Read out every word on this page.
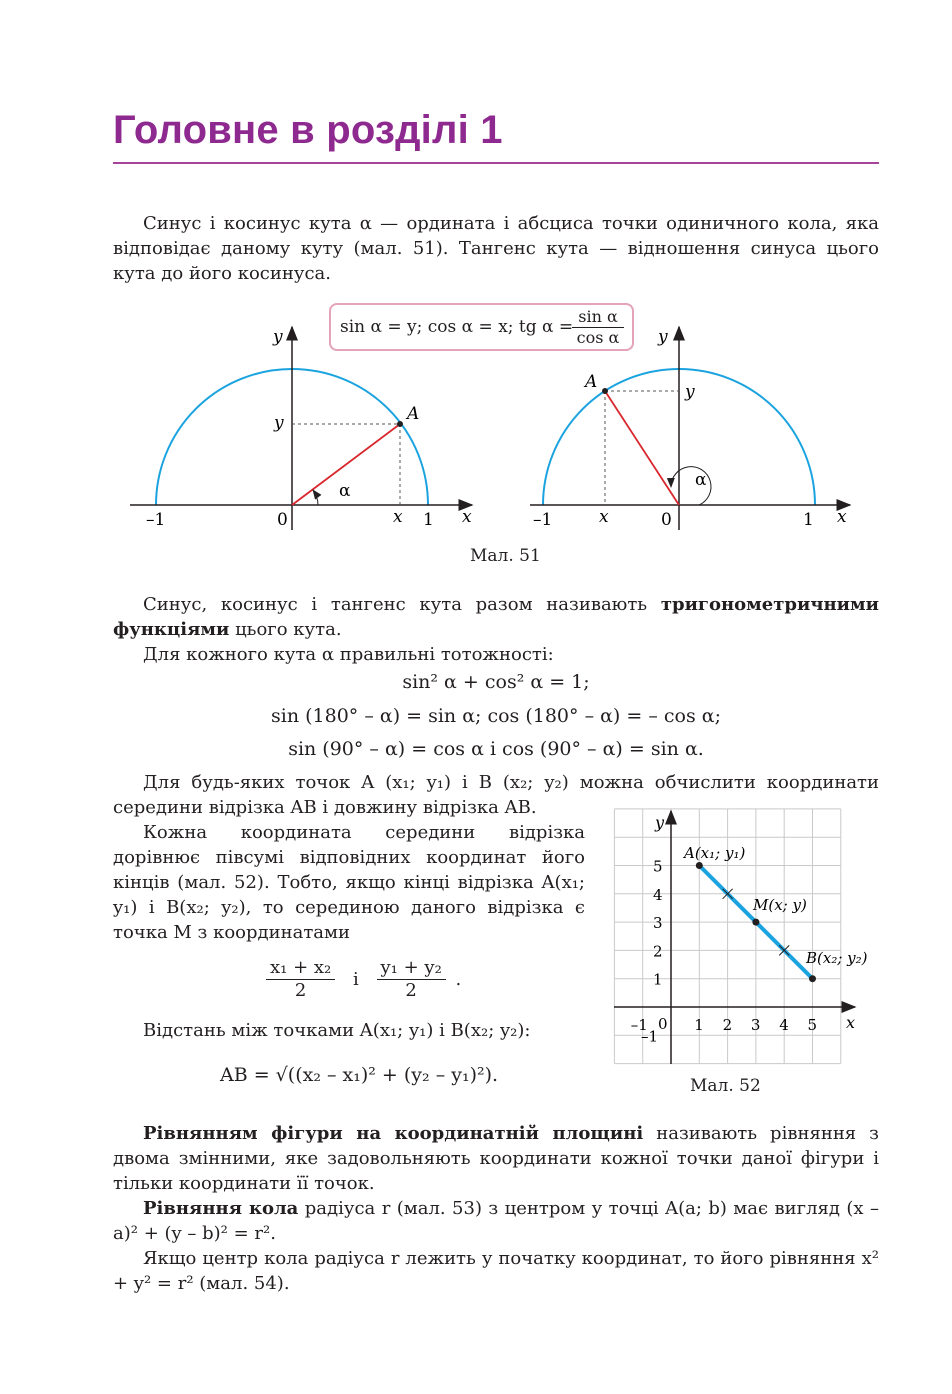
Головне в розділі 1

Синус і косинус кута α — ордината і абсциса точки одиничного кола, яка відповідає даному куту (мал. 51). Тангенс кута — відношення синуса цього кута до його косинуса.

sin α = y; cos α = x; tg α =
$\frac{\text{sin α}}{\text{cos α}}$
y
x
y
x
A
α
–1	0	1
y
x
y
x
A
α
–1	0	1
Мал. 51

Синус, косинус і тангенс кута разом називають тригонометричними функціями цього кута.

Для кожного кута α правильні тотожності:

sin² α + cos² α = 1;
sin (180° – α) = sin α; cos (180° – α) = – cos α;
sin (90° – α) = cos α і cos (90° – α) = sin α.

Для будь-яких точок A (x₁; y₁) і B (x₂; y₂) можна обчислити координати середини відрізка AB і довжину відрізка AB.

Кожна координата середини відрізка дорівнює півсумі відповідних координат його кінців (мал. 52). Тобто, якщо кінці відрізка A(x₁; y₁) і B(x₂; y₂), то серединою даного відрізка є точка M з координатами

$\frac{\text{x₁ + x₂}}{2}$ і $\frac{\text{y₁ + y₂}}{2}$ .

Відстань між точками A(x₁; y₁) і B(x₂; y₂):

AB = √((x₂ – x₁)² + (y₂ – y₁)²).
–1	1 2 3 4 5
1
2
3
4
5
–1
y
x
0
A(x₁; y₁)
M(x; y)
B(x₂; y₂)
Мал. 52

Рівнянням фігури на координатній площині називають рівняння з двома змінними, яке задовольняють координати кожної точки даної фігури і тільки координати її точок.

Рівняння кола радіуса r (мал. 53) з центром у точці A(a; b) має вигляд (x – a)² + (y – b)² = r².

Якщо центр кола радіуса r лежить у початку координат, то його рівняння x² + y² = r² (мал. 54).
